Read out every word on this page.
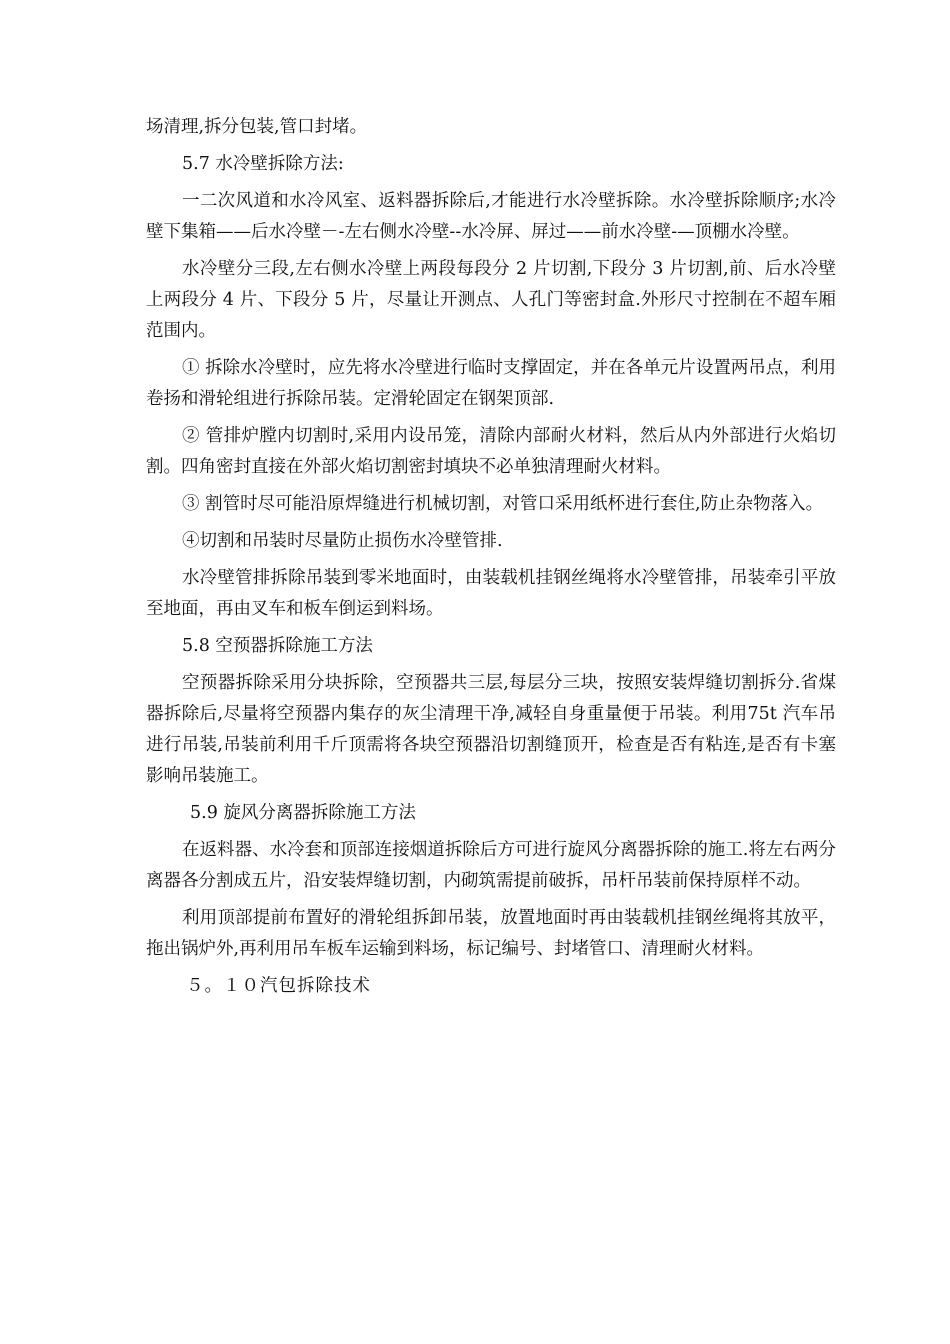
场清理,拆分包装,管口封堵。

5.7 水冷壁拆除方法:

一二次风道和水冷风室、返料器拆除后,才能进行水冷壁拆除。水冷壁拆除顺序;水冷壁下集箱——后水冷壁－-左右侧水冷壁--水冷屏、屏过——前水冷壁-—顶棚水冷壁。

水冷壁分三段,左右侧水冷壁上两段每段分 2 片切割,下段分 3 片切割,前、后水冷壁上两段分 4 片、下段分 5 片，尽量让开测点、人孔门等密封盒.外形尺寸控制在不超车厢范围内。

① 拆除水冷壁时，应先将水冷壁进行临时支撑固定，并在各单元片设置两吊点，利用卷扬和滑轮组进行拆除吊装。定滑轮固定在钢架顶部.

② 管排炉膛内切割时,采用内设吊笼，清除内部耐火材料，然后从内外部进行火焰切割。四角密封直接在外部火焰切割密封填块不必单独清理耐火材料。

③ 割管时尽可能沿原焊缝进行机械切割，对管口采用纸杯进行套住,防止杂物落入。

④切割和吊装时尽量防止损伤水冷壁管排.

水冷壁管排拆除吊装到零米地面时，由装载机挂钢丝绳将水冷壁管排，吊装牵引平放至地面，再由叉车和板车倒运到料场。

5.8 空预器拆除施工方法

空预器拆除采用分块拆除，空预器共三层,每层分三块，按照安装焊缝切割拆分.省煤器拆除后,尽量将空预器内集存的灰尘清理干净,减轻自身重量便于吊装。利用75t 汽车吊进行吊装,吊装前利用千斤顶需将各块空预器沿切割缝顶开，检查是否有粘连,是否有卡塞影响吊装施工。

5.9 旋风分离器拆除施工方法

在返料器、水冷套和顶部连接烟道拆除后方可进行旋风分离器拆除的施工.将左右两分离器各分割成五片，沿安装焊缝切割，内砌筑需提前破拆，吊杆吊装前保持原样不动。

利用顶部提前布置好的滑轮组拆卸吊装，放置地面时再由装载机挂钢丝绳将其放平，拖出锅炉外,再利用吊车板车运输到料场，标记编号、封堵管口、清理耐火材料。

５。１０汽包拆除技术
